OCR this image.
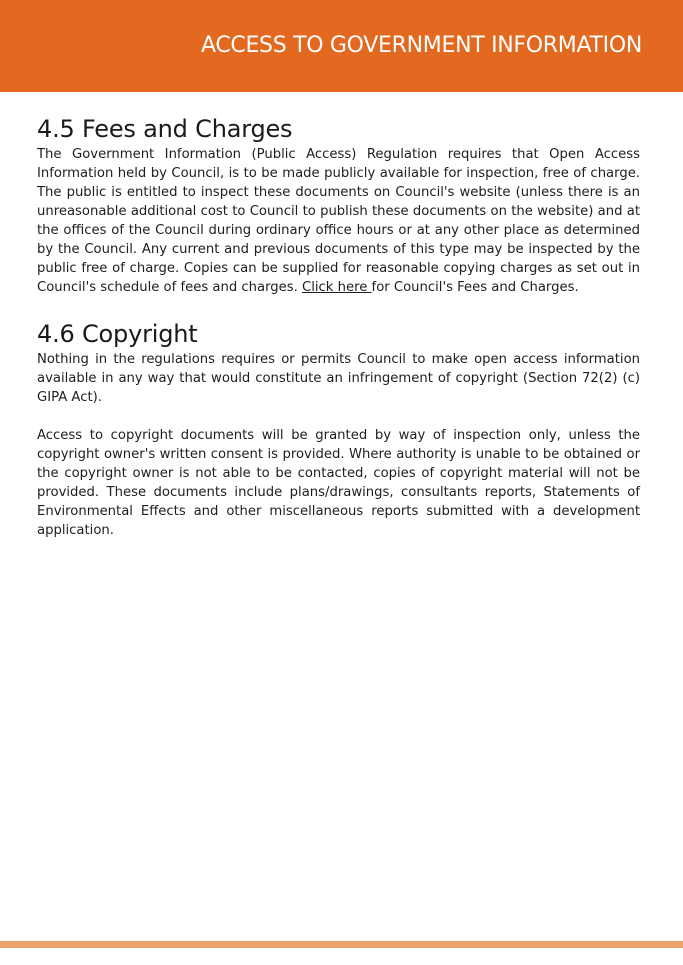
ACCESS TO GOVERNMENT INFORMATION
4.5 Fees and Charges

The Government Information (Public Access) Regulation requires that Open Access Information held by Council, is to be made publicly available for inspection, free of charge. The public is entitled to inspect these documents on Council's website (unless there is an unreasonable additional cost to Council to publish these documents on the website) and at the offices of the Council during ordinary office hours or at any other place as determined by the Council. Any current and previous documents of this type may be inspected by the public free of charge. Copies can be supplied for reasonable copying charges as set out in Council's schedule of fees and charges. Click here for Council's Fees and Charges.

4.6 Copyright

Nothing in the regulations requires or permits Council to make open access information available in any way that would constitute an infringement of copyright (Section 72(2) (c) GIPA Act).

Access to copyright documents will be granted by way of inspection only, unless the copyright owner's written consent is provided. Where authority is unable to be obtained or the copyright owner is not able to be contacted, copies of copyright material will not be provided. These documents include plans/drawings, consultants reports, Statements of Environmental Effects and other miscellaneous reports submitted with a development application.
